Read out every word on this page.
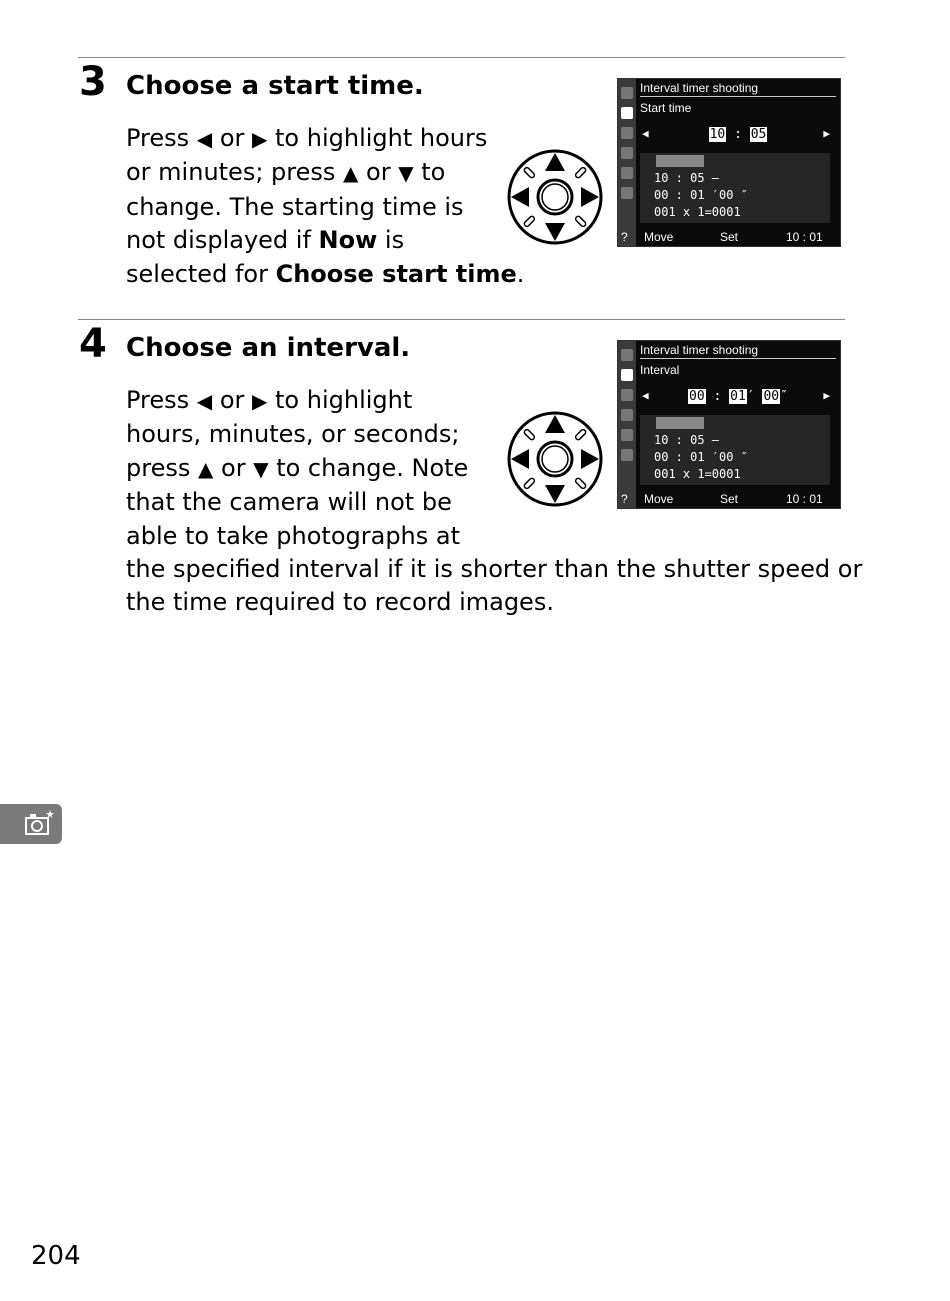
3 Choose a start time.
Press ◀ or ▶ to highlight hours
or minutes; press ▲ or ▼ to
change. The starting time is
not displayed if Now is
selected for Choose start time.
Interval timer shooting
Start time
◀	10 : 05	▶
10 : 05 –
00 : 01 ′00 ″
001 x 1=0001
? Move	Set	10 : 01
4 Choose an interval.
Press ◀ or ▶ to highlight
hours, minutes, or seconds;
press ▲ or ▼ to change. Note
that the camera will not be
able to take photographs at
the specified interval if it is shorter than the shutter speed or
the time required to record images.
Interval timer shooting
Interval
◀	00 : 01′ 00″	▶
10 : 05 –
00 : 01 ′00 ″
001 x 1=0001
? Move	Set	10 : 01
204
